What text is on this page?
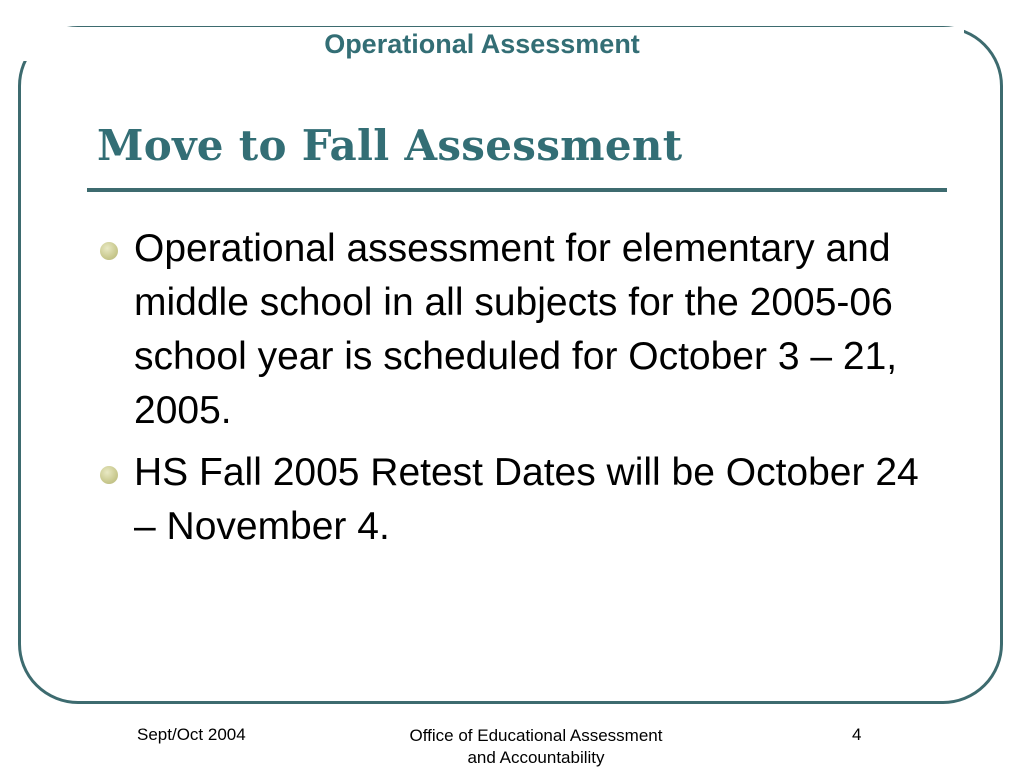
Operational Assessment
Move to Fall Assessment
Operational assessment for elementary and middle school in all subjects for the 2005-06 school year is scheduled for October 3 – 21, 2005.
HS Fall 2005 Retest Dates will be October 24 – November 4.
Sept/Oct 2004	Office of Educational Assessment
and Accountability
4
